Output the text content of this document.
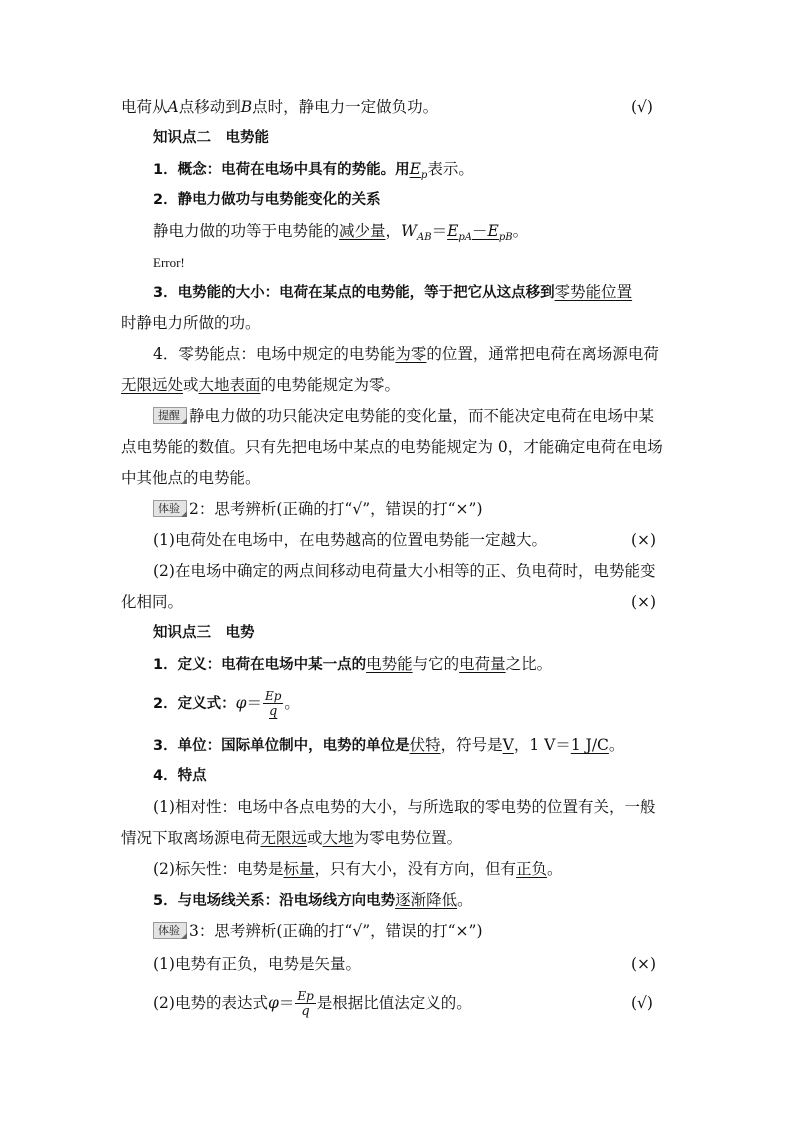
电荷从A点移动到B点时，静电力一定做负功。	(√)
知识点二　电势能
1．概念：电荷在电场中具有的势能。用$E_p$表示。
2．静电力做功与电势能变化的关系
静电力做的功等于电势能的减少量，$W_{AB}=E_{pA}-E_{pB}$。
Error!
3．电势能的大小：电荷在某点的电势能，等于把它从这点移到零势能位置
时静电力所做的功。
4．零势能点：电场中规定的电势能为零的位置，通常把电荷在离场源电荷
无限远处或大地表面的电势能规定为零。
提醒 静电力做的功只能决定电势能的变化量，而不能决定电荷在电场中某
点电势能的数值。只有先把电场中某点的电势能规定为 0，才能确定电荷在电场
中其他点的电势能。
体验 2：思考辨析(正确的打“√”，错误的打“×”)
(1)电荷处在电场中，在电势越高的位置电势能一定越大。	(×)
(2)在电场中确定的两点间移动电荷量大小相等的正、负电荷时，电势能变
化相同。	(×)
知识点三　电势
1．定义：电荷在电场中某一点的电势能与它的电荷量之比。
2．定义式：$\varphi= \frac{Ep}{q}$ 。
3．单位：国际单位制中，电势的单位是伏特，符号是V，1 V＝1 J/C。
4．特点
(1)相对性：电场中各点电势的大小，与所选取的零电势的位置有关，一般
情况下取离场源电荷无限远或大地为零电势位置。
(2)标矢性：电势是标量，只有大小，没有方向，但有正负。
5．与电场线关系：沿电场线方向电势逐渐降低。
体验 3：思考辨析(正确的打“√”，错误的打“×”)
(1)电势有正负，电势是矢量。	(×)
(2)电势的表达式$\varphi= \frac{Ep}{q}$ 是根据比值法定义的。	(√)
